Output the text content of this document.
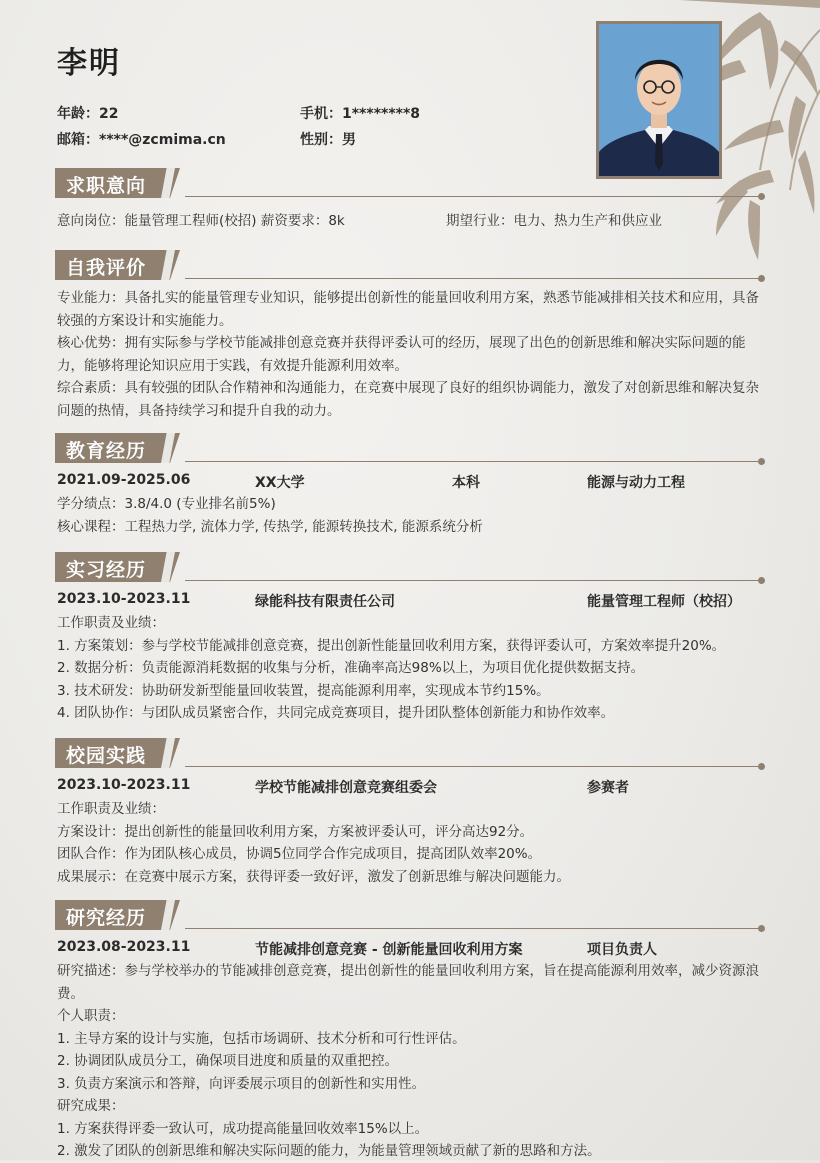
李明
年龄：22	手机：1********8
邮箱：****@zcmima.cn	性别：男
求职意向
意向岗位：能量管理工程师(校招) 薪资要求：8k	期望行业：电力、热力生产和供应业
自我评价

专业能力：具备扎实的能量管理专业知识，能够提出创新性的能量回收利用方案，熟悉节能减排相关技术和应用，具备较强的方案设计和实施能力。

核心优势：拥有实际参与学校节能减排创意竞赛并获得评委认可的经历，展现了出色的创新思维和解决实际问题的能力，能够将理论知识应用于实践，有效提升能源利用效率。

综合素质：具有较强的团队合作精神和沟通能力，在竞赛中展现了良好的组织协调能力，激发了对创新思维和解决复杂问题的热情，具备持续学习和提升自我的动力。

教育经历
2021.09-2025.06	XX大学	本科	能源与动力工程

学分绩点：3.8/4.0 (专业排名前5%)

核心课程：工程热力学, 流体力学, 传热学, 能源转换技术, 能源系统分析

实习经历
2023.10-2023.11	绿能科技有限责任公司	能量管理工程师（校招）

工作职责及业绩：

1. 方案策划：参与学校节能减排创意竞赛，提出创新性能量回收利用方案，获得评委认可，方案效率提升20%。

2. 数据分析：负责能源消耗数据的收集与分析，准确率高达98%以上，为项目优化提供数据支持。

3. 技术研发：协助研发新型能量回收装置，提高能源利用率，实现成本节约15%。

4. 团队协作：与团队成员紧密合作，共同完成竞赛项目，提升团队整体创新能力和协作效率。

校园实践
2023.10-2023.11	学校节能减排创意竞赛组委会	参赛者

工作职责及业绩：

方案设计：提出创新性的能量回收利用方案，方案被评委认可，评分高达92分。

团队合作：作为团队核心成员，协调5位同学合作完成项目，提高团队效率20%。

成果展示：在竞赛中展示方案，获得评委一致好评，激发了创新思维与解决问题能力。

研究经历
2023.08-2023.11	节能减排创意竞赛 - 创新能量回收利用方案	项目负责人

研究描述：参与学校举办的节能减排创意竞赛，提出创新性的能量回收利用方案，旨在提高能源利用效率，减少资源浪费。

个人职责：

1. 主导方案的设计与实施，包括市场调研、技术分析和可行性评估。

2. 协调团队成员分工，确保项目进度和质量的双重把控。

3. 负责方案演示和答辩，向评委展示项目的创新性和实用性。

研究成果：

1. 方案获得评委一致认可，成功提高能量回收效率15%以上。

2. 激发了团队的创新思维和解决实际问题的能力，为能量管理领域贡献了新的思路和方法。
